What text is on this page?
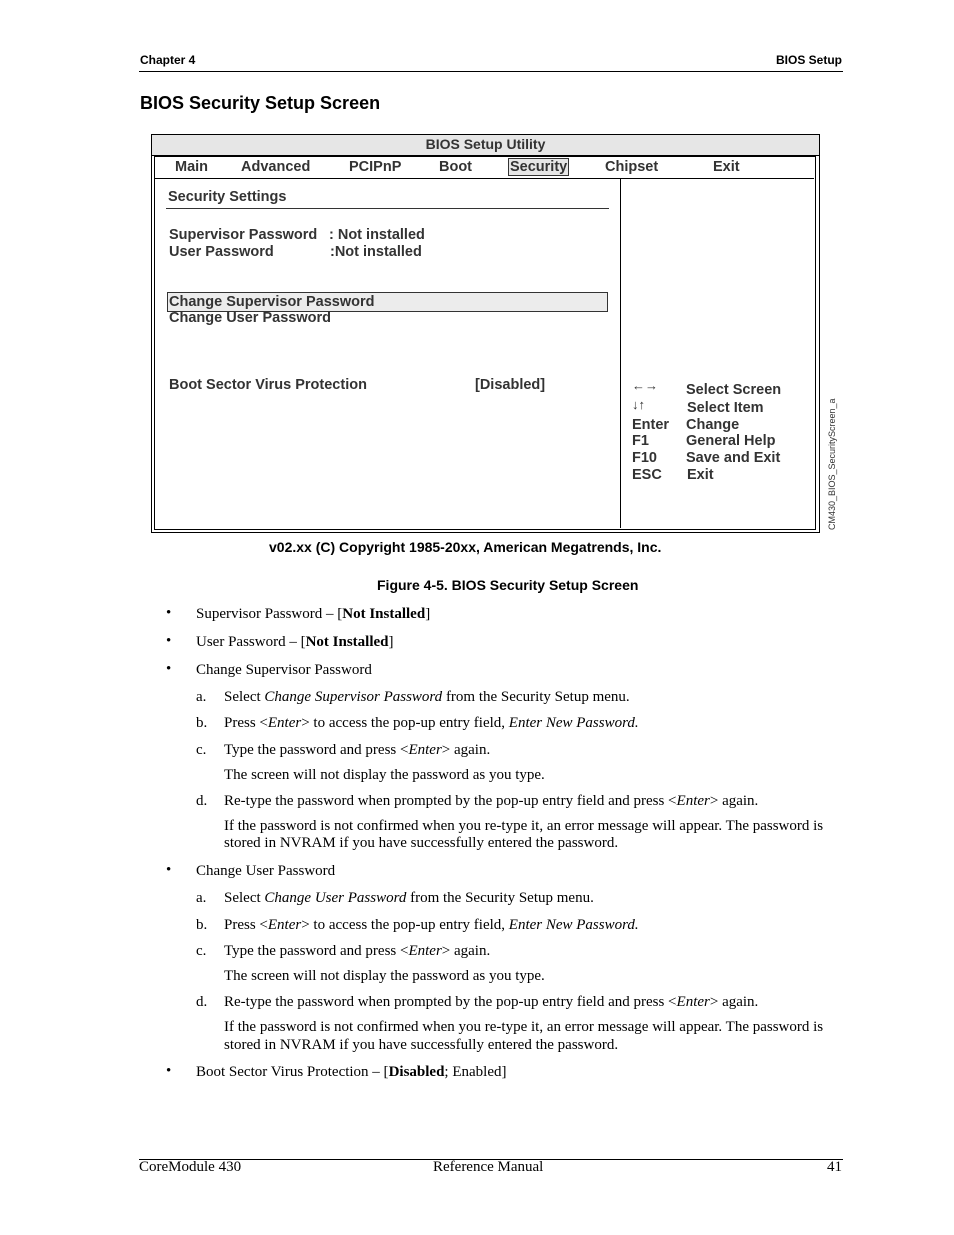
Chapter 4	BIOS Setup
BIOS Security Setup Screen
BIOS Setup Utility
Main Advanced	PCIPnP	Boot	Security	Chipset	Exit
Security Settings
Supervisor Password : Not installed
User Password	:Not installed
Change Supervisor Password
Change User Password
Boot Sector Virus Protection	[Disabled]	←→ Select Screen
↓↑	Select Item
Enter Change
F1	General Help
F10 Save and Exit
ESC Exit	CM430_BIOS_SecurityScreen_a
v02.xx (C) Copyright 1985-20xx, American Megatrends, Inc.
Figure 4-5. BIOS Security Setup Screen
• Supervisor Password – [Not Installed]
• User Password – [Not Installed]
• Change Supervisor Password
a. Select Change Supervisor Password from the Security Setup menu.
b. Press <Enter> to access the pop-up entry field, Enter New Password.
c. Type the password and press <Enter> again.
The screen will not display the password as you type.
d. Re-type the password when prompted by the pop-up entry field and press <Enter> again.
If the password is not confirmed when you re-type it, an error message will appear. The password is
stored in NVRAM if you have successfully entered the password.
• Change User Password
a. Select Change User Password from the Security Setup menu.
b. Press <Enter> to access the pop-up entry field, Enter New Password.
c. Type the password and press <Enter> again.
The screen will not display the password as you type.
d. Re-type the password when prompted by the pop-up entry field and press <Enter> again.
If the password is not confirmed when you re-type it, an error message will appear. The password is
stored in NVRAM if you have successfully entered the password.
• Boot Sector Virus Protection – [Disabled; Enabled]
CoreModule 430	Reference Manual	41
